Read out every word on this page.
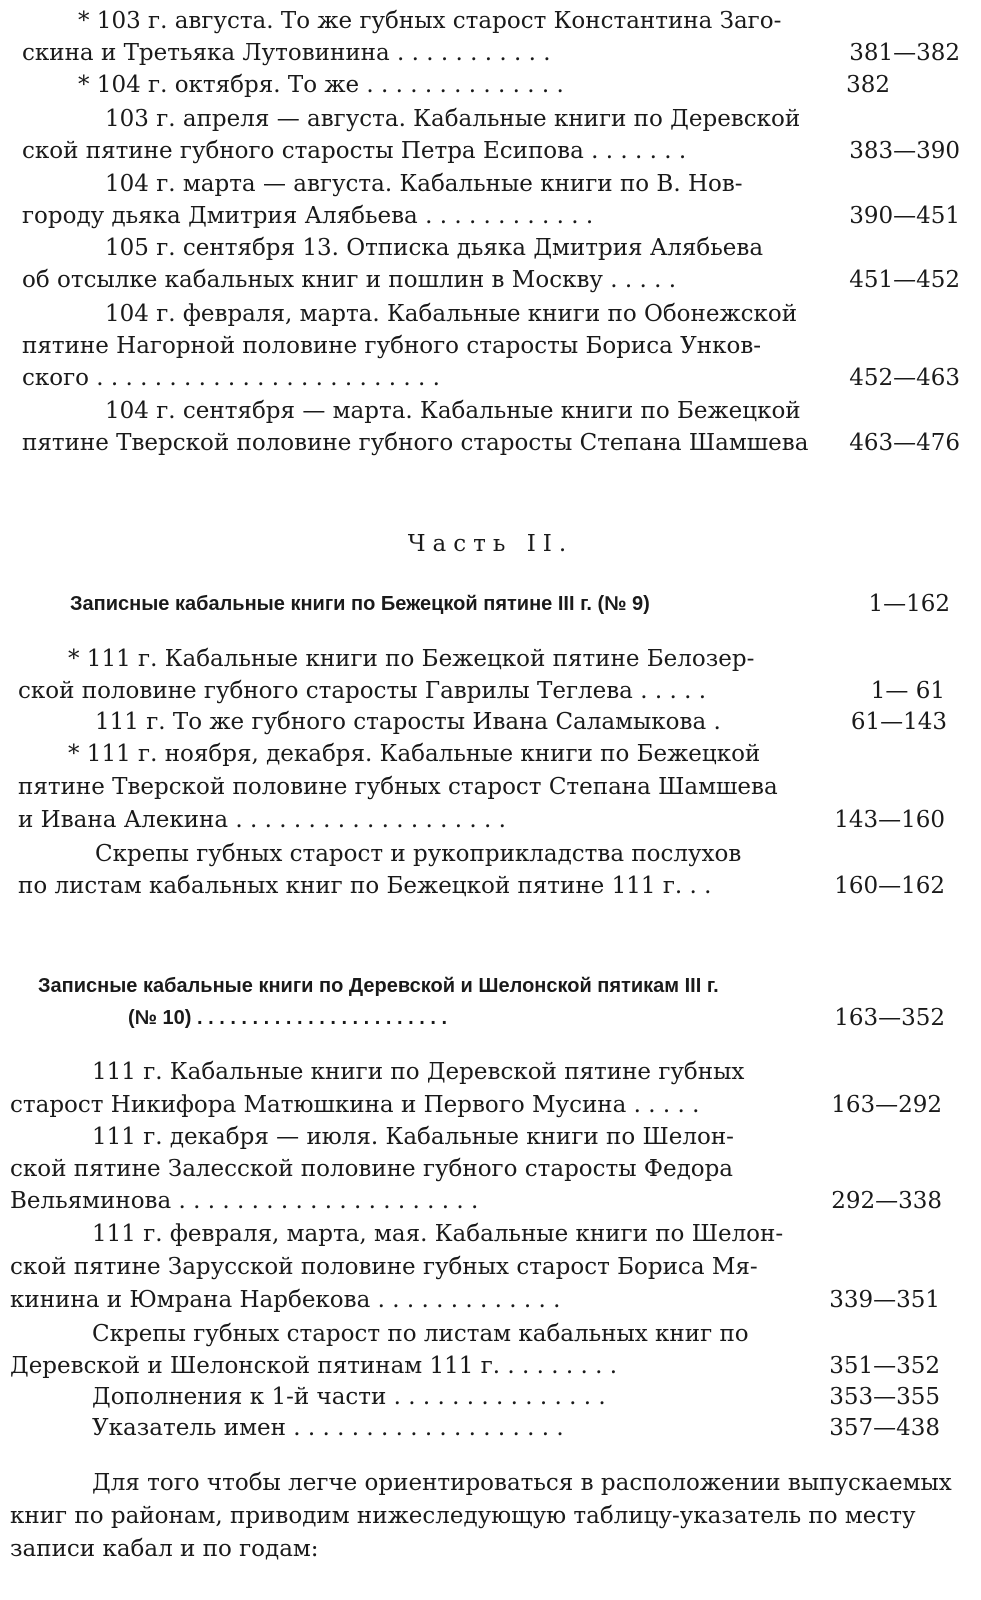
* 103 г. августа. То же губных старост Константина Заго-
скина и Третьяка Лутовинина . . . . . . . . . . .	381—382
* 104 г. октября. То же . . . . . . . . . . . . . .	382
103 г. апреля — августа. Кабальные книги по Деревской
ской пятине губного старосты Петра Есипова . . . . . . .	383—390
104 г. марта — августа. Кабальные книги по В. Нов-
городу дьяка Дмитрия Алябьева . . . . . . . . . . . .	390—451
105 г. сентября 13. Отписка дьяка Дмитрия Алябьева
об отсылке кабальных книг и пошлин в Москву . . . . .	451—452
104 г. февраля, марта. Кабальные книги по Обонежской
пятине Нагорной половине губного старосты Бориса Унков-
ского . . . . . . . . . . . . . . . . . . . . . . . .	452—463
104 г. сентября — марта. Кабальные книги по Бежецкой
пятине Тверской половине губного старосты Степана Шамшева	463—476
Часть II.
Записные кабальные книги по Бежецкой пятине III г. (№ 9)	1—162
* 111 г. Кабальные книги по Бежецкой пятине Белозер-
ской половине губного старосты Гаврилы Теглева . . . . .	1— 61
111 г. То же губного старосты Ивана Саламыкова .	61—143
* 111 г. ноября, декабря. Кабальные книги по Бежецкой
пятине Тверской половине губных старост Степана Шамшева
и Ивана Алекина . . . . . . . . . . . . . . . . . . .	143—160
Скрепы губных старост и рукоприкладства послухов
по листам кабальных книг по Бежецкой пятине 111 г. . .	160—162
Записные кабальные книги по Деревской и Шелонской пятикам III г.
(№ 10) . . . . . . . . . . . . . . . . . . . . . . .	163—352
111 г. Кабальные книги по Деревской пятине губных
старост Никифора Матюшкина и Первого Мусина . . . . .	163—292
111 г. декабря — июля. Кабальные книги по Шелон-
ской пятине Залесской половине губного старосты Федора
Вельяминова . . . . . . . . . . . . . . . . . . . . .	292—338
111 г. февраля, марта, мая. Кабальные книги по Шелон-
ской пятине Зарусской половине губных старост Бориса Мя-
кинина и Юмрана Нарбекова . . . . . . . . . . . . .	339—351
Скрепы губных старост по листам кабальных книг по
Деревской и Шелонской пятинам 111 г. . . . . . . . .	351—352
Дополнения к 1-й части . . . . . . . . . . . . . . .	353—355
Указатель имен . . . . . . . . . . . . . . . . . . .	357—438
Для того чтобы легче ориентироваться в расположении выпускаемых
книг по районам, приводим нижеследующую таблицу-указатель по месту
записи кабал и по годам:
